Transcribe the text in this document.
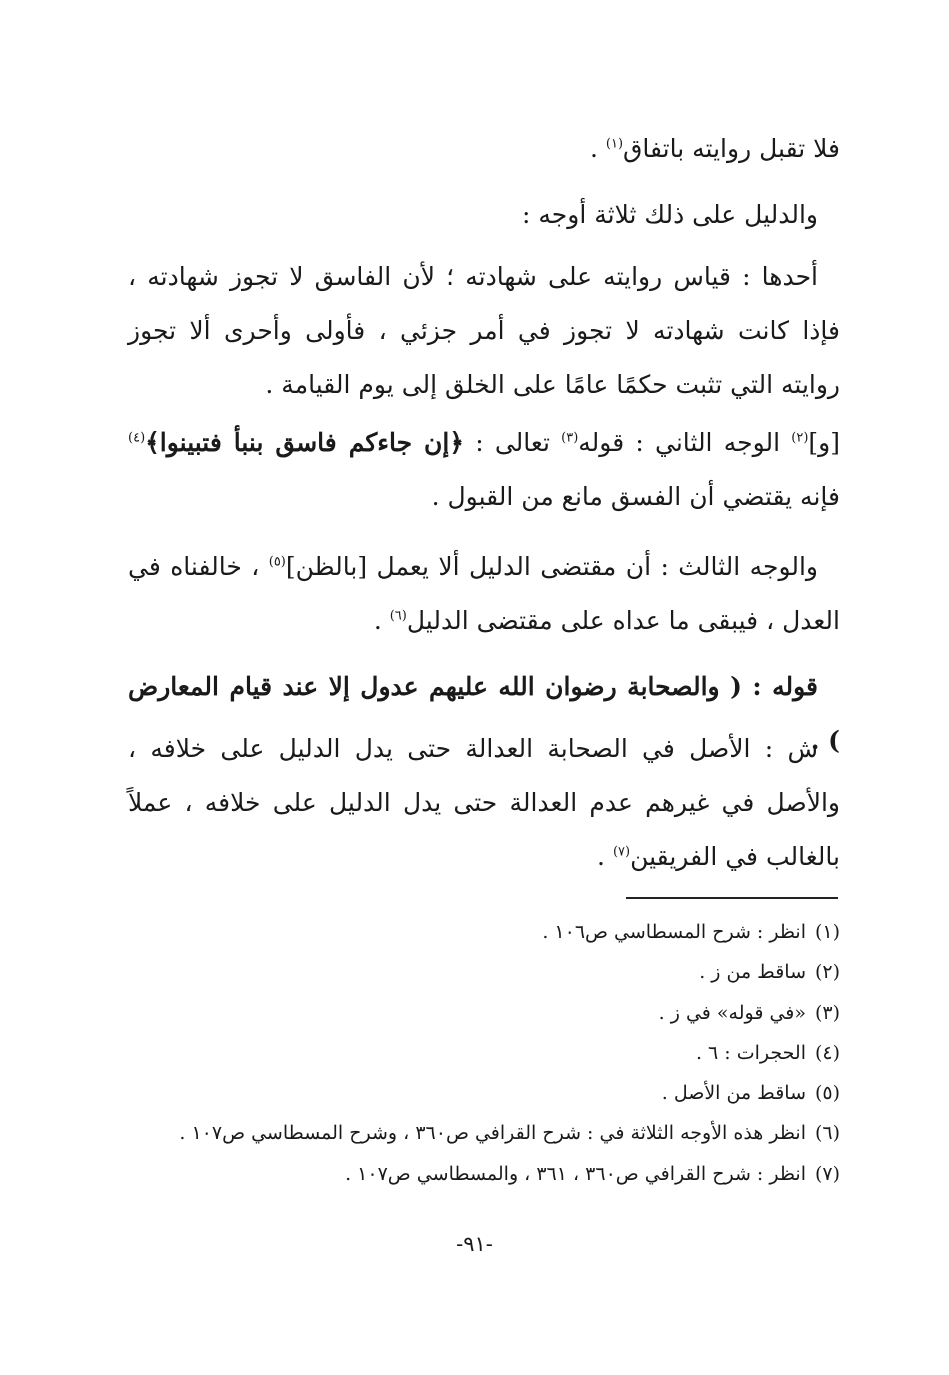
فلا تقبل روايته باتفاق$^{(١)}$ .

والدليل على ذلك ثلاثة أوجه :

أحدها : قياس روايته على شهادته ؛ لأن الفاسق لا تجوز شهادته ، فإذا كانت شهادته لا تجوز في أمر جزئي ، فأولى وأحرى ألا تجوز روايته التي تثبت حكمًا عامًا على الخلق إلى يوم القيامة .

[و]$^{(٢)}$ الوجه الثاني : قوله$^{(٣)}$ تعالى : ﴿إن جاءكم فاسق بنبأ فتبينوا﴾$^{(٤)}$ فإنه يقتضي أن الفسق مانع من القبول .

والوجه الثالث : أن مقتضى الدليل ألا يعمل [بالظن]$^{(٥)}$ ، خالفناه في العدل ، فيبقى ما عداه على مقتضى الدليل$^{(٦)}$ .

قوله : ( والصحابة رضوان الله عليهم عدول إلا عند قيام المعارض ) .

ش : الأصل في الصحابة العدالة حتى يدل الدليل على خلافه ، والأصل في غيرهم عدم العدالة حتى يدل الدليل على خلافه ، عملاً بالغالب في الفريقين$^{(٧)}$ .

(١)انظر : شرح المسطاسي ص١٠٦ .
(٢)ساقط من ز .
(٣)«في قوله» في ز .
(٤)الحجرات : ٦ .
(٥)ساقط من الأصل .
(٦)انظر هذه الأوجه الثلاثة في : شرح القرافي ص٣٦٠ ، وشرح المسطاسي ص١٠٧ .
(٧)انظر : شرح القرافي ص٣٦٠ ، ٣٦١ ، والمسطاسي ص١٠٧ .
-٩١-
